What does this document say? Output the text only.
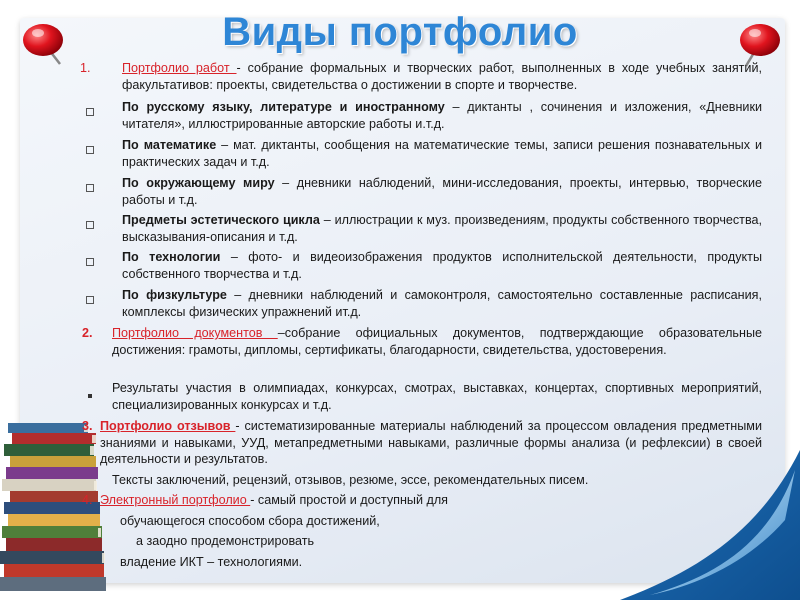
Виды портфолио
1. Портфолио работ - собрание формальных и творческих работ, выполненных в ходе учебных занятий, факультативов: проекты, свидетельства о достижении в спорте и творчестве.

По русскому языку, литературе и иностранному – диктанты , сочинения и изложения, «Дневники читателя», иллюстрированные авторские работы и.т.д.

По математике – мат. диктанты, сообщения на математические темы, записи решения познавательных и практических задач и т.д.

По окружающему миру – дневники наблюдений, мини-исследования, проекты, интервью, творческие работы и т.д.

Предметы эстетического цикла – иллюстрации к муз. произведениям, продукты собственного творчества, высказывания-описания и т.д.

По технологии – фото- и видеоизображения продуктов исполнительской деятельности, продукты собственного творчества и т.д.

По физкультуре – дневники наблюдений и самоконтроля, самостоятельно составленные расписания, комплексы физических упражнений ит.д.

2. Портфолио документов –собрание официальных документов, подтверждающие образовательные достижения: грамоты, дипломы, сертификаты, благодарности, свидетельства, удостоверения.

Результаты участия в олимпиадах, конкурсах, смотрах, выставках, концертах, спортивных мероприятий, специализированных конкурсах и т.д.

3. Портфолио отзывов - систематизированные материалы наблюдений за процессом овладения предметными знаниями и навыками, УУД, метапредметными навыками, различные формы анализа (и рефлексии) в своей деятельности и результатов.

Тексты заключений, рецензий, отзывов, резюме, эссе, рекомендательных писем.

4. Электронный портфолио - самый простой и доступный для

обучающегося способом сбора достижений,

а заодно продемонстрировать

владение ИКТ – технологиями.
